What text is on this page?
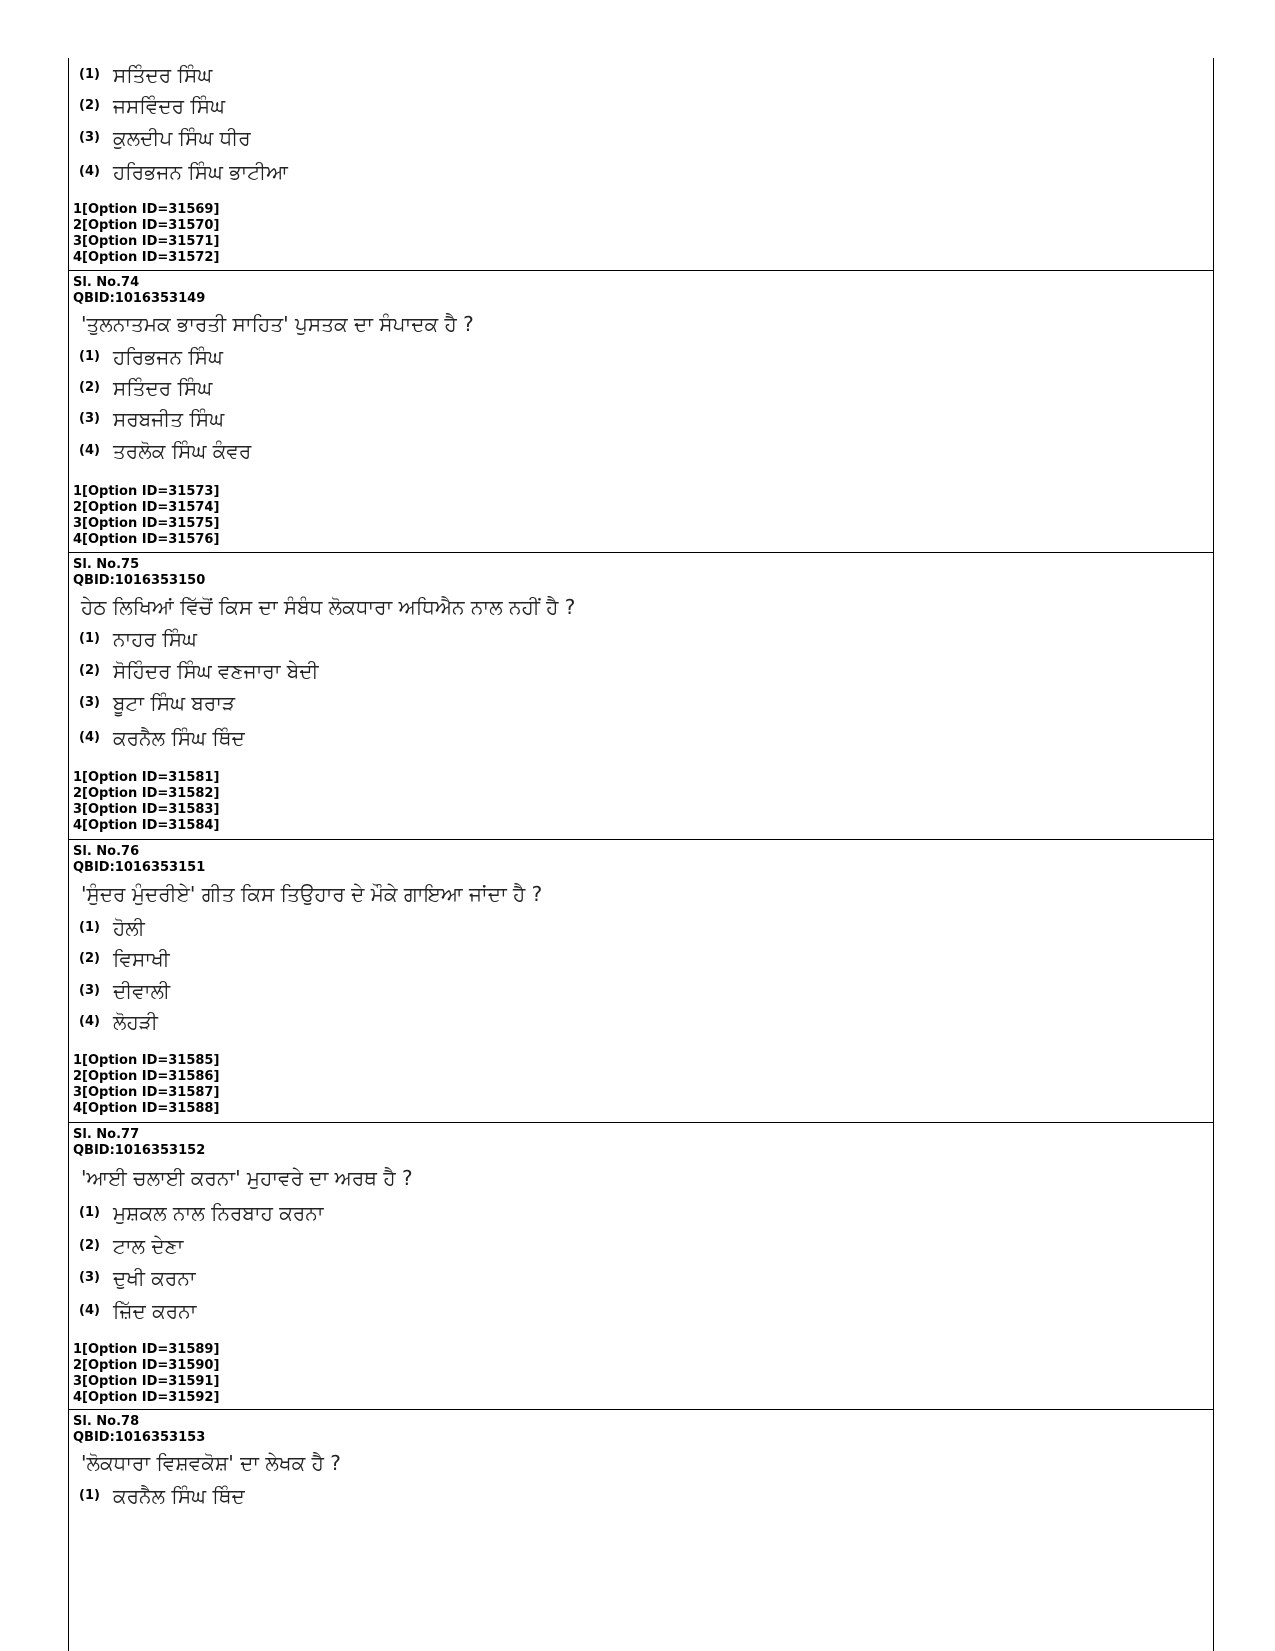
(1) ਸਤਿੰਦਰ ਸਿੰਘ
(2) ਜਸਵਿੰਦਰ ਸਿੰਘ
(3) ਕੁਲਦੀਪ ਸਿੰਘ ਧੀਰ
(4) ਹਰਿਭਜਨ ਸਿੰਘ ਭਾਟੀਆ
1[Option ID=31569]
2[Option ID=31570]
3[Option ID=31571]
4[Option ID=31572]
Sl. No.74
QBID:1016353149
'ਤੁਲਨਾਤਮਕ ਭਾਰਤੀ ਸਾਹਿਤ' ਪੁਸਤਕ ਦਾ ਸੰਪਾਦਕ ਹੈ ?
(1) ਹਰਿਭਜਨ ਸਿੰਘ
(2) ਸਤਿੰਦਰ ਸਿੰਘ
(3) ਸਰਬਜੀਤ ਸਿੰਘ
(4) ਤਰਲੋਕ ਸਿੰਘ ਕੰਵਰ
1[Option ID=31573]
2[Option ID=31574]
3[Option ID=31575]
4[Option ID=31576]
Sl. No.75
QBID:1016353150
ਹੇਠ ਲਿਖਿਆਂ ਵਿੱਚੋਂ ਕਿਸ ਦਾ ਸੰਬੰਧ ਲੋਕਧਾਰਾ ਅਧਿਐਨ ਨਾਲ ਨਹੀਂ ਹੈ ?
(1) ਨਾਹਰ ਸਿੰਘ
(2) ਸੋਹਿੰਦਰ ਸਿੰਘ ਵਣਜਾਰਾ ਬੇਦੀ
(3) ਬੂਟਾ ਸਿੰਘ ਬਰਾੜ
(4) ਕਰਨੈਲ ਸਿੰਘ ਥਿੰਦ
1[Option ID=31581]
2[Option ID=31582]
3[Option ID=31583]
4[Option ID=31584]
Sl. No.76
QBID:1016353151
'ਸੁੰਦਰ ਮੁੰਦਰੀਏ' ਗੀਤ ਕਿਸ ਤਿਉਹਾਰ ਦੇ ਮੌਕੇ ਗਾਇਆ ਜਾਂਦਾ ਹੈ ?
(1) ਹੋਲੀ
(2) ਵਿਸਾਖੀ
(3) ਦੀਵਾਲੀ
(4) ਲੋਹੜੀ
1[Option ID=31585]
2[Option ID=31586]
3[Option ID=31587]
4[Option ID=31588]
Sl. No.77
QBID:1016353152
'ਆਈ ਚਲਾਈ ਕਰਨਾ' ਮੁਹਾਵਰੇ ਦਾ ਅਰਥ ਹੈ ?
(1) ਮੁਸ਼ਕਲ ਨਾਲ ਨਿਰਬਾਹ ਕਰਨਾ
(2) ਟਾਲ ਦੇਣਾ
(3) ਦੁਖੀ ਕਰਨਾ
(4) ਜ਼ਿੱਦ ਕਰਨਾ
1[Option ID=31589]
2[Option ID=31590]
3[Option ID=31591]
4[Option ID=31592]
Sl. No.78
QBID:1016353153
'ਲੋਕਧਾਰਾ ਵਿਸ਼ਵਕੋਸ਼' ਦਾ ਲੇਖਕ ਹੈ ?
(1) ਕਰਨੈਲ ਸਿੰਘ ਥਿੰਦ
